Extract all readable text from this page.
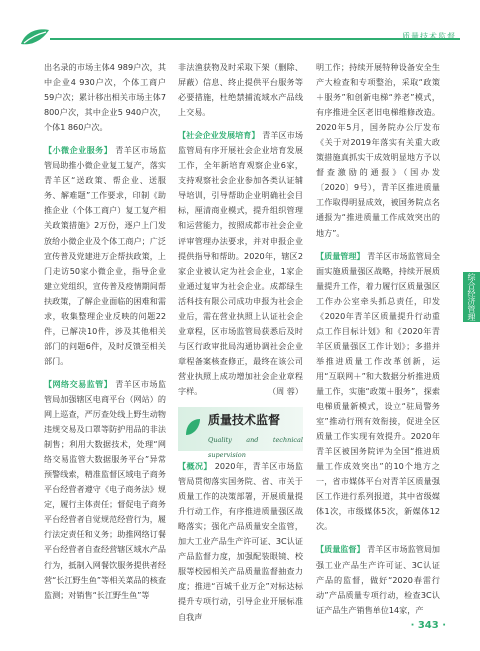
质量技术监督

出名录的市场主体4 989户次，其中企业4 930户次，个体工商户59户次；累计移出相关市场主体7 800户次，其中企业5 940户次，个体1 860户次。

【小微企业服务】 青羊区市场监管局助推小微企业复工复产，落实青羊区“送政策、帮企业、送服务、解难题”工作要求，印制《助推企业（个体工商户）复工复产相关政策措施》2万份，逐户上门发放给小微企业及个体工商户；广泛宣传普及党建进万企帮扶政策，上门走访50家小微企业，指导企业建立党组织，宣传普及疫情期间帮扶政策，了解企业面临的困难和需求，收集整理企业反映的问题22件，已解决10件，涉及其他相关部门的问题6件，及时反馈至相关部门。

【网络交易监管】 青羊区市场监管局加强辖区电商平台（网站）的网上巡查，严厉查处线上野生动物违规交易及口罩等防护用品的非法制售；利用大数据技术，处理“网络交易监管大数据服务平台”异常预警线索，精准监督区域电子商务平台经营者遵守《电子商务法》规定，履行主体责任；督促电子商务平台经营者自觉规范经营行为，履行法定责任和义务；助推网络订餐平台经营者自查经营辖区域水产品行为，抵制入网餐饮服务提供者经营“长江野生鱼”等相关菜品的核查监测；对销售“长江野生鱼”等

非法渔获物及时采取下架（删除、屏蔽）信息、终止提供平台服务等必要措施，杜绝禁捕流域水产品线上交易。

【社会企业发展培育】 青羊区市场监管局有序开展社会企业培育发展工作，全年新培育观察企业6家，支持观察社会企业参加各类认证辅导培训，引导帮助企业明确社会目标，厘清商业模式，提升组织管理和运营能力，按照成都市社会企业评审管理办法要求，并对申报企业提供指导和帮助。2020年，辖区2家企业被认定为社会企业，1家企业通过复审为社会企业。成都绿生活科技有限公司成功申报为社会企业后，需在营业执照上认证社会企业章程，区市场监管局获悉后及时与区行政审批局沟通协调社会企业章程备案核查修正，最终在该公司营业执照上成功增加社会企业章程字样。	（周 蓉）

质量技术监督
Quality and technical supervision

【概况】 2020年，青羊区市场监管局贯彻落实国务院、省、市关于质量工作的决策部署，开展质量提升行动工作，有序推进质量强区战略落实；强化产品质量安全监管，加大工业产品生产许可证、3C认证产品监督力度，加强配装眼镜、校服等校园相关产品质量监督抽查力度；推进“百城千业万企”对标达标提升专项行动，引导企业开展标准自我声

明工作；持续开展特种设备安全生产大检查和专项整治，采取“政策＋服务”和创新电梯“养老”模式，有序推进全区老旧电梯维修改造。2020年5月，国务院办公厅发布《关于对2019年落实有关重大政策措施真抓实干成效明显地方予以督查激励的通报》（国办发〔2020〕9号），青羊区推进质量工作取得明显成效，被国务院点名通报为“推进质量工作成效突出的地方”。

【质量管理】 青羊区市场监管局全面实施质量强区战略，持续开展质量提升工作，着力履行区质量强区工作办公室牵头抓总责任，印发《2020年青羊区质量提升行动重点工作目标计划》和《2020年青羊区质量强区工作计划》；多措并举推进质量工作改革创新，运用“互联网＋”和大数据分析推进质量工作，实施“政策＋服务”，探索电梯质量新模式，设立“驻局警务室”推动行刑有效衔接，促进全区质量工作实现有效提升。2020年青羊区被国务院评为全国“推进质量工作成效突出”的10个地方之一，省市媒体平台对青羊区质量强区工作进行系列报道，其中省级媒体1次，市级媒体5次，新媒体12次。

【质量监督】 青羊区市场监管局加强工业产品生产许可证、3C认证产品的监督，做好“2020春雷行动”产品质量专项行动，检查3C认证产品生产销售单位14家，产

综合经济管理
· 343 ·
